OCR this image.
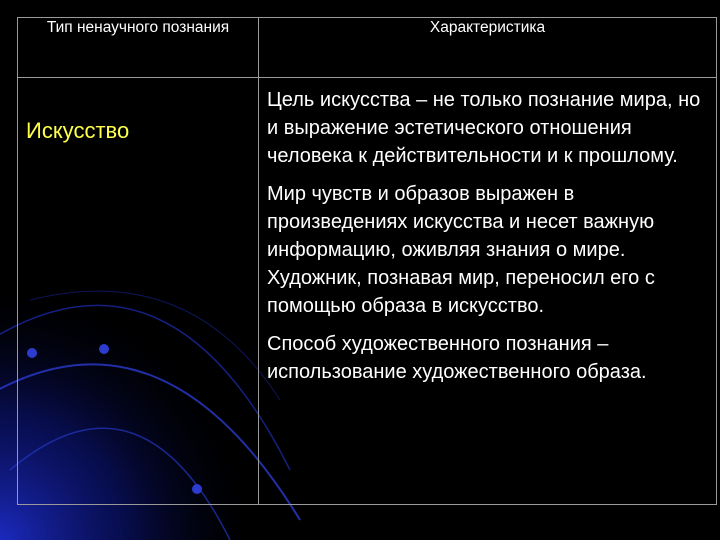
Тип ненаучного познания	Характеристика

Искусство	Цель искусства – не только познание мира, но и выражение эстетического отношения человека к действительности и к прошлому.

Мир чувств и образов выражен в произведениях искусства и несет важную информацию, оживляя знания о мире. Художник, познавая мир, переносил его с помощью образа в искусство.

Способ художественного познания – использование художественного образа.
